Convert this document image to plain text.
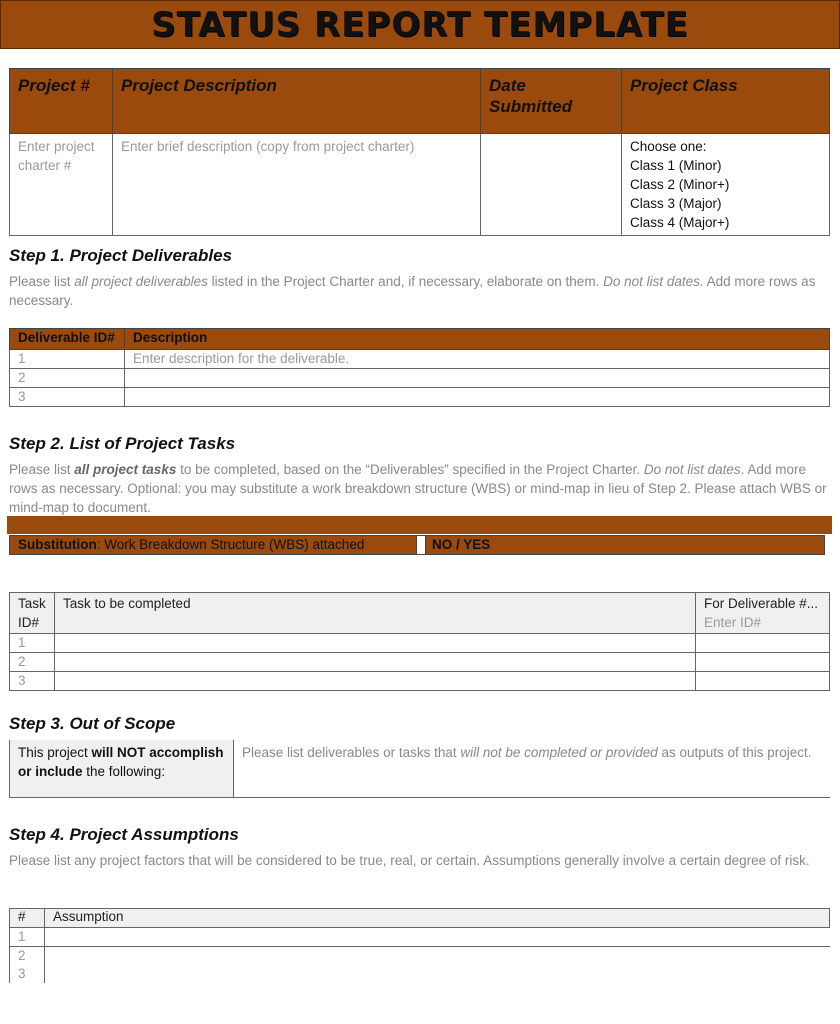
STATUS REPORT TEMPLATE
Project #	Project Description	Date Submitted	Project Class
Enter project charter #	Enter brief description (copy from project charter)		Choose one:
Class 1 (Minor)
Class 2 (Minor+)
Class 3 (Major)
Class 4 (Major+)
Step 1. Project Deliverables

Please list all project deliverables listed in the Project Charter and, if necessary, elaborate on them. Do not list dates. Add more rows as necessary.

Deliverable ID#	Description
1	Enter description for the deliverable.
2	
3	
Step 2. List of Project Tasks

Please list all project tasks to be completed, based on the “Deliverables” specified in the Project Charter. Do not list dates. Add more rows as necessary. Optional: you may substitute a work breakdown structure (WBS) or mind-map in lieu of Step 2. Please attach WBS or mind-map to document.

Substitution: Work Breakdown Structure (WBS) attached	NO / YES
Task ID#	Task to be completed	For Deliverable #...
Enter ID#

1		
2		
3		
Step 3. Out of Scope
This project will NOT accomplish or include the following:	Please list deliverables or tasks that will not be completed or provided as outputs of this project.
Step 4. Project Assumptions

Please list any project factors that will be considered to be true, real, or certain. Assumptions generally involve a certain degree of risk.

#	Assumption
1	
2	
3	
